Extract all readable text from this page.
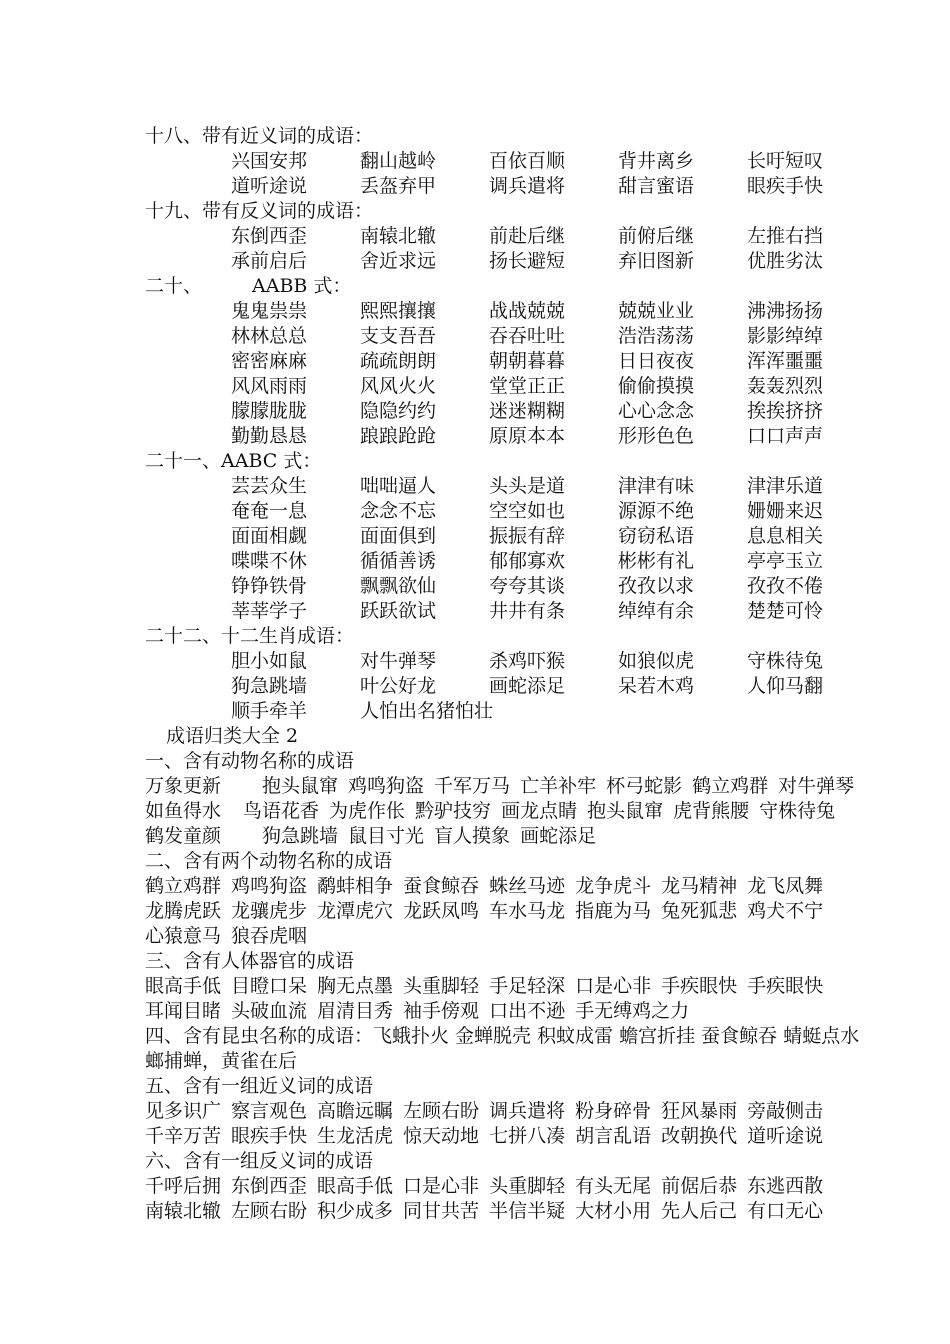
十八、带有近义词的成语：
兴国安邦	翻山越岭	百依百顺	背井离乡	长吁短叹
道听途说	丢盔弃甲	调兵遣将	甜言蜜语	眼疾手快
十九、带有反义词的成语：
东倒西歪	南辕北辙	前赴后继	前俯后继	左推右挡
承前启后	舍近求远	扬长避短	弃旧图新	优胜劣汰
二十、	AABB 式：
鬼鬼祟祟	熙熙攘攘	战战兢兢	兢兢业业	沸沸扬扬
林林总总	支支吾吾	吞吞吐吐	浩浩荡荡	影影绰绰
密密麻麻	疏疏朗朗	朝朝暮暮	日日夜夜	浑浑噩噩
风风雨雨	风风火火	堂堂正正	偷偷摸摸	轰轰烈烈
朦朦胧胧	隐隐约约	迷迷糊糊	心心念念	挨挨挤挤
勤勤恳恳	踉踉跄跄	原原本本	形形色色	口口声声
二十一、AABC 式：
芸芸众生	咄咄逼人	头头是道	津津有味	津津乐道
奄奄一息	念念不忘	空空如也	源源不绝	姗姗来迟
面面相觑	面面俱到	振振有辞	窃窃私语	息息相关
喋喋不休	循循善诱	郁郁寡欢	彬彬有礼	亭亭玉立
铮铮铁骨	飘飘欲仙	夸夸其谈	孜孜以求	孜孜不倦
莘莘学子	跃跃欲试	井井有条	绰绰有余	楚楚可怜
二十二、十二生肖成语：
胆小如鼠	对牛弹琴	杀鸡吓猴	如狼似虎	守株待兔
狗急跳墙	叶公好龙	画蛇添足	呆若木鸡	人仰马翻
顺手牵羊	人怕出名猪怕壮
成语归类大全 2
一、含有动物名称的成语
万象更新 抱头鼠窜 鸡鸣狗盗 千军万马 亡羊补牢 杯弓蛇影 鹤立鸡群 对牛弹琴
如鱼得水 鸟语花香 为虎作伥 黔驴技穷 画龙点睛 抱头鼠窜 虎背熊腰 守株待兔
鹤发童颜 狗急跳墙 鼠目寸光 盲人摸象 画蛇添足
二、含有两个动物名称的成语
鹤立鸡群 鸡鸣狗盗 鹬蚌相争 蚕食鲸吞 蛛丝马迹 龙争虎斗 龙马精神 龙飞凤舞
龙腾虎跃 龙骧虎步 龙潭虎穴 龙跃凤鸣 车水马龙 指鹿为马 兔死狐悲 鸡犬不宁
心猿意马 狼吞虎咽
三、含有人体器官的成语
眼高手低 目瞪口呆 胸无点墨 头重脚轻 手足轻深 口是心非 手疾眼快 手疾眼快
耳闻目睹 头破血流 眉清目秀 袖手傍观 口出不逊 手无缚鸡之力
四、含有昆虫名称的成语：飞蛾扑火 金蝉脱壳 积蚊成雷 蟾宫折挂 蚕食鲸吞 蜻蜓点水
螂捕蝉，黄雀在后
五、含有一组近义词的成语
见多识广 察言观色 高瞻远瞩 左顾右盼 调兵遣将 粉身碎骨 狂风暴雨 旁敲侧击
千辛万苦 眼疾手快 生龙活虎 惊天动地 七拼八凑 胡言乱语 改朝换代 道听途说
六、含有一组反义词的成语
千呼后拥 东倒西歪 眼高手低 口是心非 头重脚轻 有头无尾 前倨后恭 东逃西散
南辕北辙 左顾右盼 积少成多 同甘共苦 半信半疑 大材小用 先人后己 有口无心
